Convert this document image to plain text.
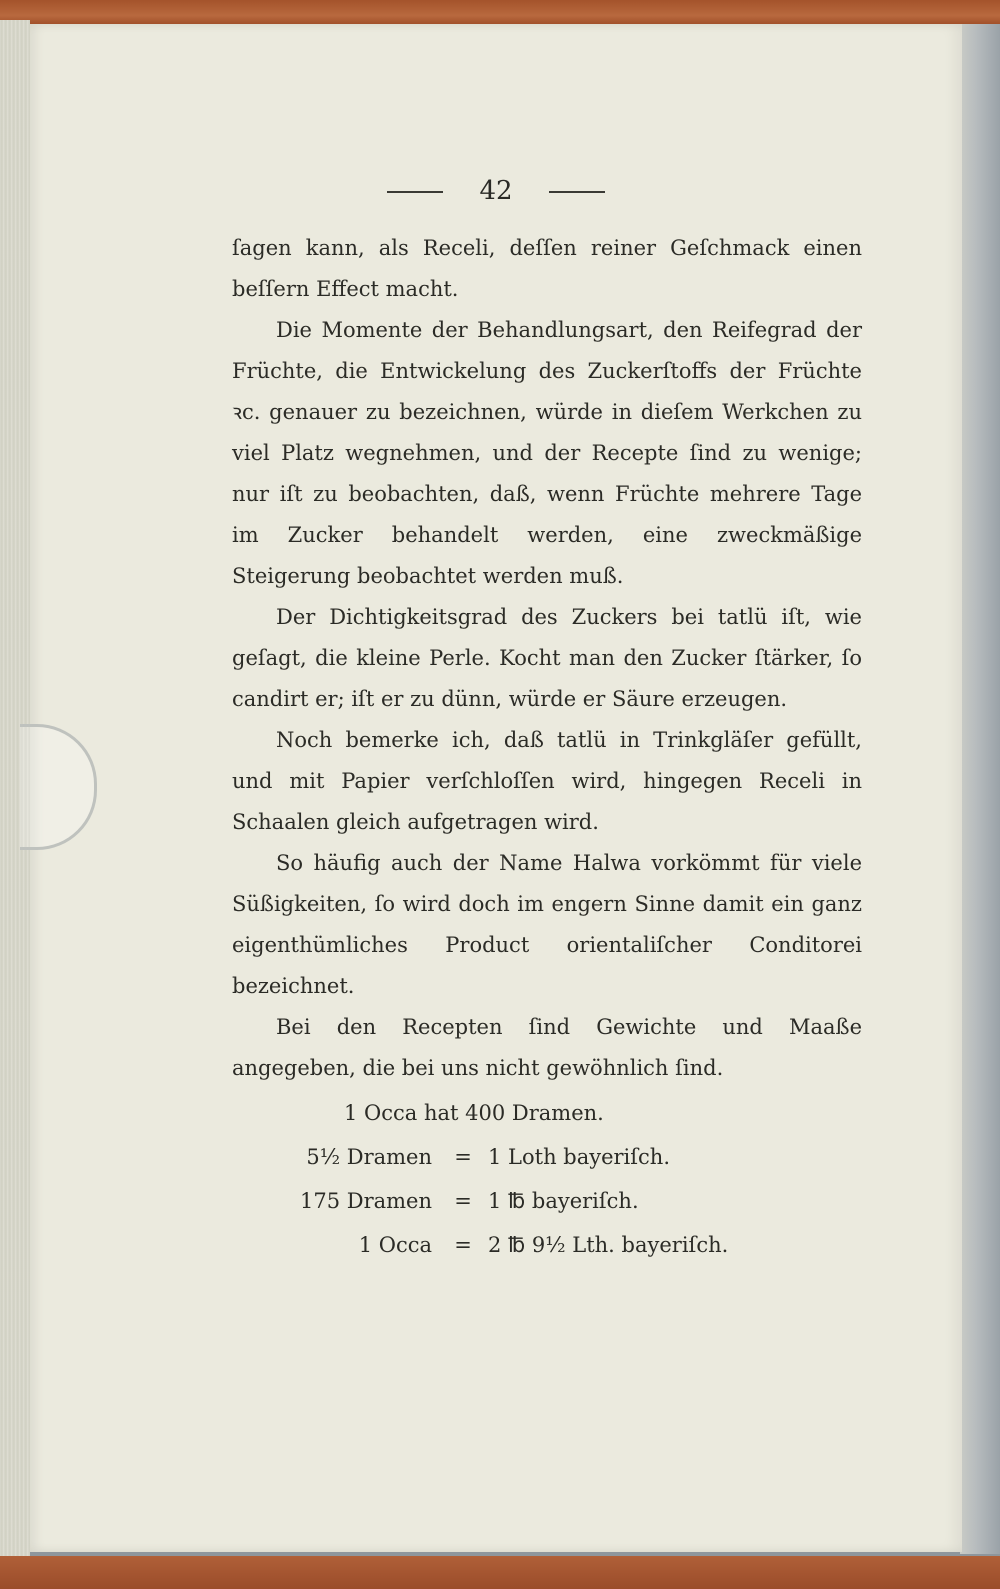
42

ſagen kann, als Receli, deſſen reiner Geſchmack einen beſſern Effect macht.

Die Momente der Behandlungsart, den Reifegrad der Früchte, die Entwickelung des Zuckerſtoffs der Früchte ꝛc. genauer zu bezeichnen, würde in dieſem Werkchen zu viel Platz wegnehmen, und der Recepte ſind zu wenige; nur iſt zu beobachten, daß, wenn Früchte mehrere Tage im Zucker behandelt werden, eine zweckmäßige Steigerung beobachtet werden muß.

Der Dichtigkeitsgrad des Zuckers bei tatlü iſt, wie geſagt, die kleine Perle. Kocht man den Zucker ſtärker, ſo candirt er; iſt er zu dünn, würde er Säure erzeugen.

Noch bemerke ich, daß tatlü in Trinkgläſer gefüllt, und mit Papier verſchloſſen wird, hingegen Receli in Schaalen gleich aufgetragen wird.

So häufig auch der Name Halwa vorkömmt für viele Süßigkeiten, ſo wird doch im engern Sinne damit ein ganz eigenthümliches Product orientaliſcher Conditorei bezeichnet.

Bei den Recepten ſind Gewichte und Maaße angegeben, die bei uns nicht gewöhnlich ſind.

1 Occa hat 400 Dramen.
5½ Dramen	= 1 Loth bayeriſch.
175 Dramen	= 1 ℔ bayeriſch.
1 Occa	= 2 ℔ 9½ Lth. bayeriſch.
